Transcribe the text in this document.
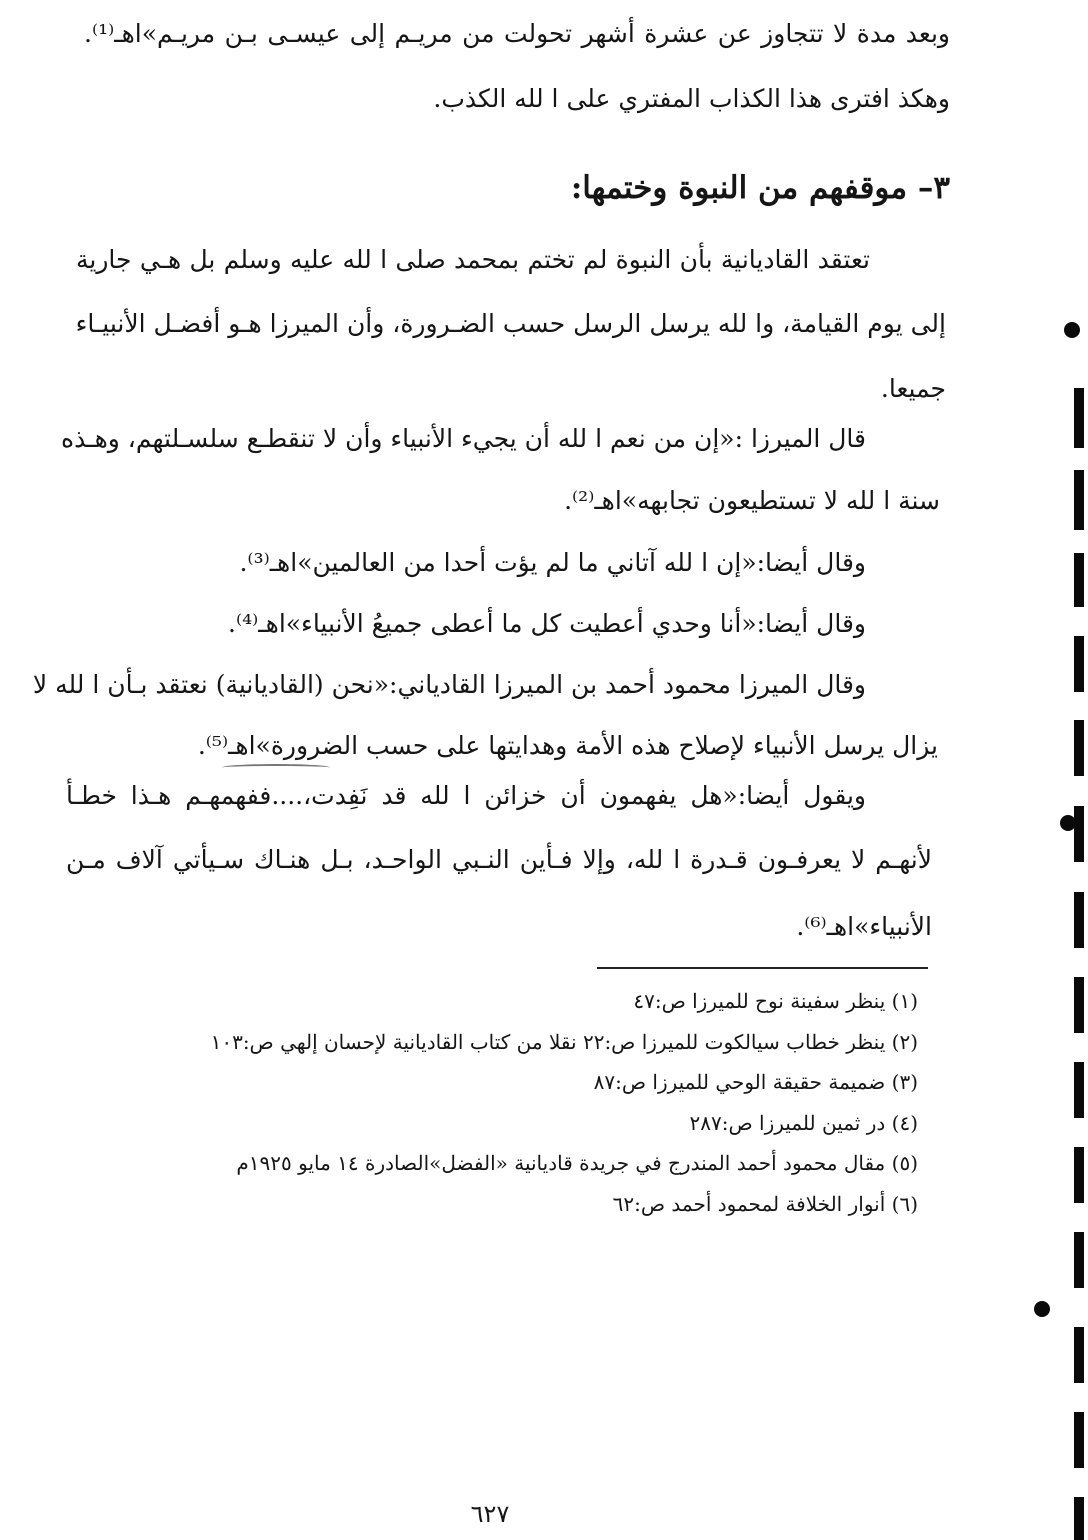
وبعد مدة لا تتجاوز عن عشرة أشهر تحولت من مريـم إلى عيسـى بـن مريـم»اهـ⁽¹⁾.
وهكذ افترى هذا الكذاب المفتري على ا لله الكذب.
٣– موقفهم من النبوة وختمها:
تعتقد القاديانية بأن النبوة لم تختم بمحمد صلى ا لله عليه وسلم بل هـي جارية
إلى يوم القيامة، وا لله يرسل الرسل حسب الضـرورة، وأن الميرزا هـو أفضـل الأنبيـاء
جميعا.
قال الميرزا :«إن من نعم ا لله أن يجيء الأنبياء وأن لا تنقطـع سلسـلتهم، وهـذه
سنة ا لله لا تستطيعون تجابهه»اهـ⁽²⁾.
وقال أيضا:«إن ا لله آتاني ما لم يؤت أحدا من العالمين»اهـ⁽³⁾.
وقال أيضا:«أنا وحدي أعطيت كل ما أعطى جميعُ الأنبياء»اهـ⁽⁴⁾.
وقال الميرزا محمود أحمد بن الميرزا القادياني:«نحن (القاديانية) نعتقد بـأن ا لله لا
يزال يرسل الأنبياء لإصلاح هذه الأمة وهدايتها على حسب الضرورة»اهـ⁽⁵⁾.
ويقول أيضا:«هل يفهمون أن خزائن ا لله قد نَفِدت،....ففهمهـم هـذا خطـأ
لأنهـم لا يعرفـون قـدرة ا لله، وإلا فـأين النـبي الواحـد، بـل هنـاك سـيأتي آلاف مـن
الأنبياء»اهـ⁽⁶⁾.
(١) ينظر سفينة نوح للميرزا ص:٤٧
(٢) ينظر خطاب سيالكوت للميرزا ص:٢٢ نقلا من كتاب القاديانية لإحسان إلهي ص:١٠٣
(٣) ضميمة حقيقة الوحي للميرزا ص:٨٧
(٤) در ثمين للميرزا ص:٢٨٧
(٥) مقال محمود أحمد المندرج في جريدة قاديانية «الفضل»الصادرة ١٤ مايو ١٩٢٥م
(٦) أنوار الخلافة لمحمود أحمد ص:٦٢
٦٢٧
